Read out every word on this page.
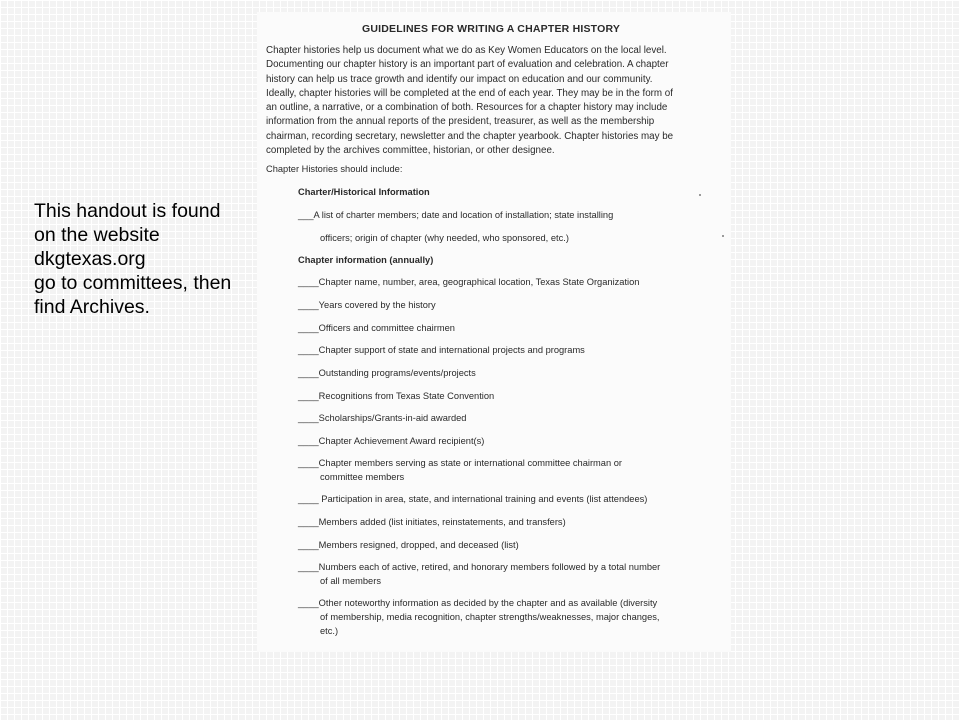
This handout is found
on the website
dkgtexas.org
go to committees, then
find Archives.
GUIDELINES FOR WRITING A CHAPTER HISTORY
Chapter histories help us document what we do as Key Women Educators on the local level.
Documenting our chapter history is an important part of evaluation and celebration. A chapter
history can help us trace growth and identify our impact on education and our community.
Ideally, chapter histories will be completed at the end of each year. They may be in the form of
an outline, a narrative, or a combination of both. Resources for a chapter history may include
information from the annual reports of the president, treasurer, as well as the membership
chairman, recording secretary, newsletter and the chapter yearbook. Chapter histories may be
completed by the archives committee, historian, or other designee.
Chapter Histories should include:
Charter/Historical Information
___A list of charter members; date and location of installation; state installing
officers; origin of chapter (why needed, who sponsored, etc.)
Chapter information (annually)
____Chapter name, number, area, geographical location, Texas State Organization
____Years covered by the history
____Officers and committee chairmen
____Chapter support of state and international projects and programs
____Outstanding programs/events/projects
____Recognitions from Texas State Convention
____Scholarships/Grants-in-aid awarded
____Chapter Achievement Award recipient(s)
____Chapter members serving as state or international committee chairman or
committee members
____ Participation in area, state, and international training and events (list attendees)
____Members added (list initiates, reinstatements, and transfers)
____Members resigned, dropped, and deceased (list)
____Numbers each of active, retired, and honorary members followed by a total number
of all members
____Other noteworthy information as decided by the chapter and as available (diversity
of membership, media recognition, chapter strengths/weaknesses, major changes,
etc.)
